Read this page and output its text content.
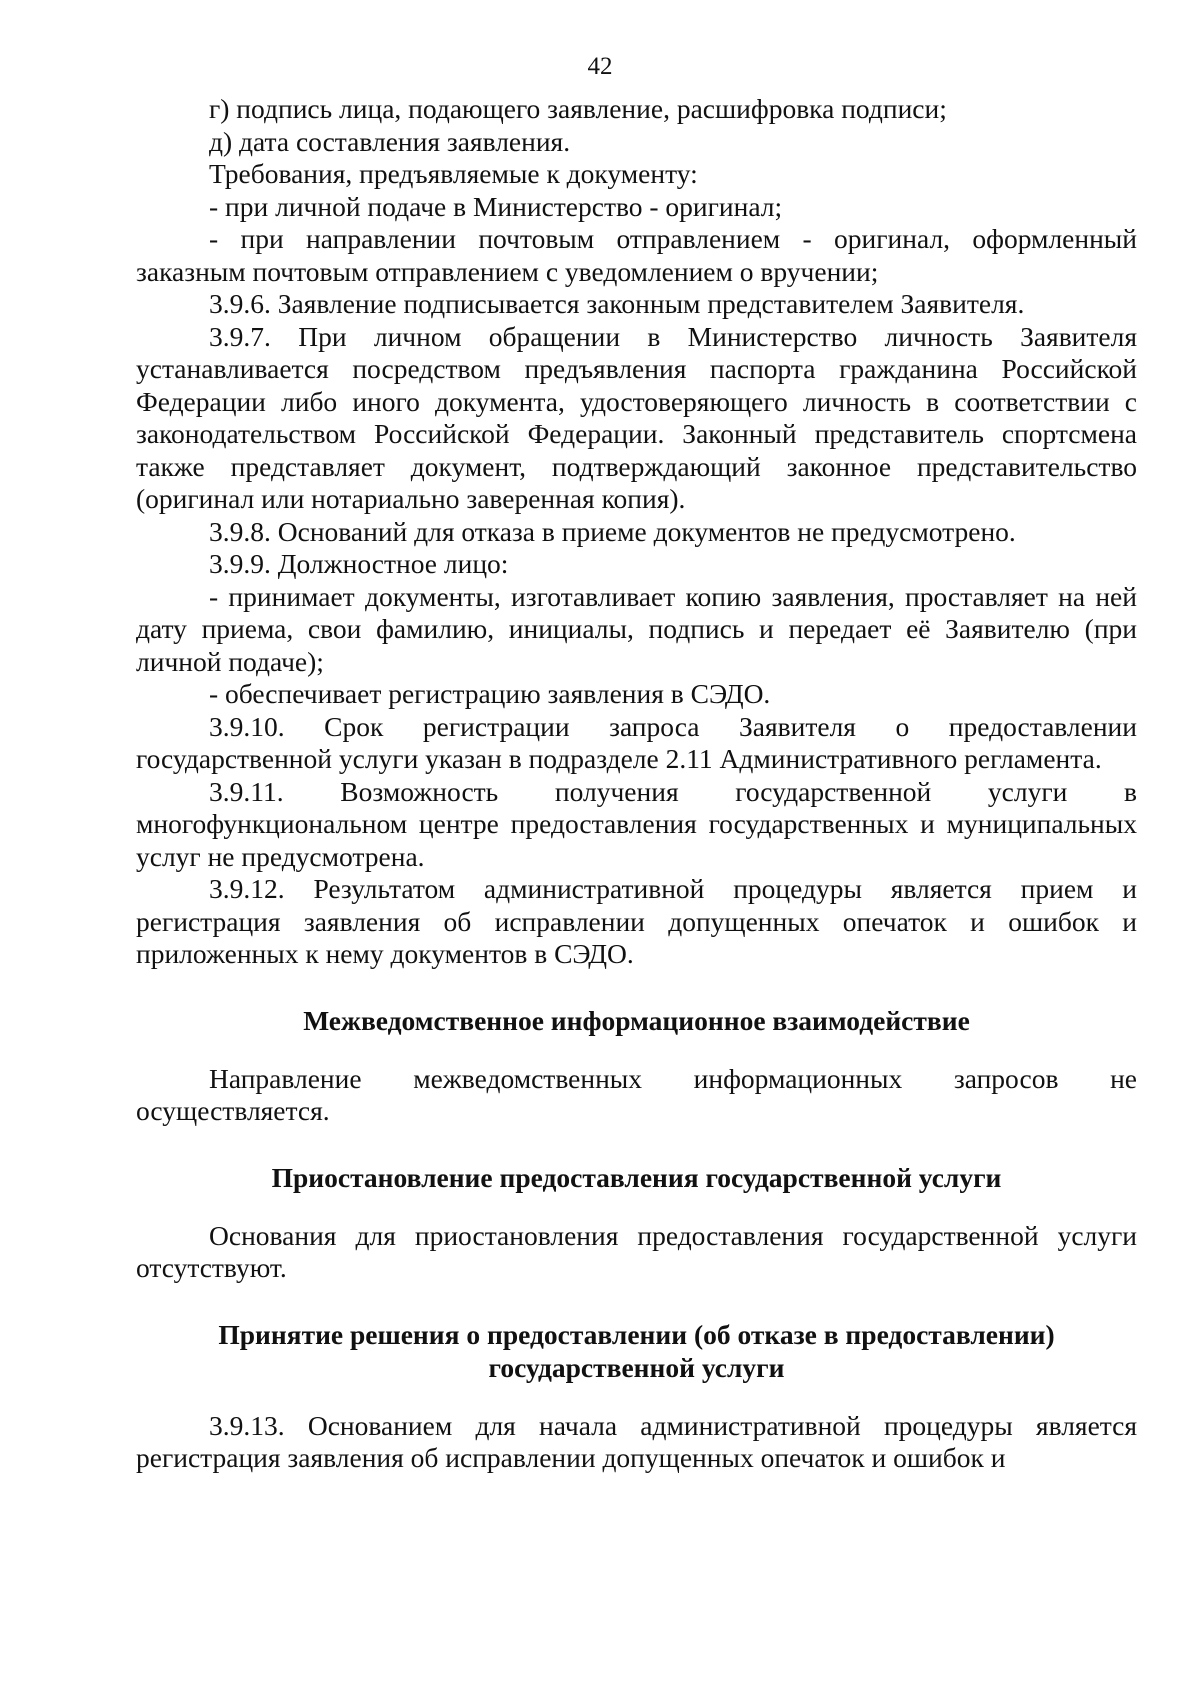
42

г) подпись лица, подающего заявление, расшифровка подписи;

д) дата составления заявления.

Требования, предъявляемые к документу:

- при личной подаче в Министерство - оригинал;

- при направлении почтовым отправлением - оригинал, оформленный заказным почтовым отправлением с уведомлением о вручении;

3.9.6. Заявление подписывается законным представителем Заявителя.

3.9.7. При личном обращении в Министерство личность Заявителя устанавливается посредством предъявления паспорта гражданина Российской Федерации либо иного документа, удостоверяющего личность в соответствии с законодательством Российской Федерации. Законный представитель спортсмена также представляет документ, подтверждающий законное представительство (оригинал или нотариально заверенная копия).

3.9.8. Оснований для отказа в приеме документов не предусмотрено.

3.9.9. Должностное лицо:

- принимает документы, изготавливает копию заявления, проставляет на ней дату приема, свои фамилию, инициалы, подпись и передает её Заявителю (при личной подаче);

- обеспечивает регистрацию заявления в СЭДО.

3.9.10. Срок регистрации запроса Заявителя о предоставлении государственной услуги указан в подразделе 2.11 Административного регламента.

3.9.11. Возможность получения государственной услуги в многофункциональном центре предоставления государственных и муниципальных услуг не предусмотрена.

3.9.12. Результатом административной процедуры является прием и регистрация заявления об исправлении допущенных опечаток и ошибок и приложенных к нему документов в СЭДО.

Межведомственное информационное взаимодействие

Направление межведомственных информационных запросов не осуществляется.

Приостановление предоставления государственной услуги

Основания для приостановления предоставления государственной услуги отсутствуют.

Принятие решения о предоставлении (об отказе в предоставлении)

государственной услуги

3.9.13. Основанием для начала административной процедуры является регистрация заявления об исправлении допущенных опечаток и ошибок и
